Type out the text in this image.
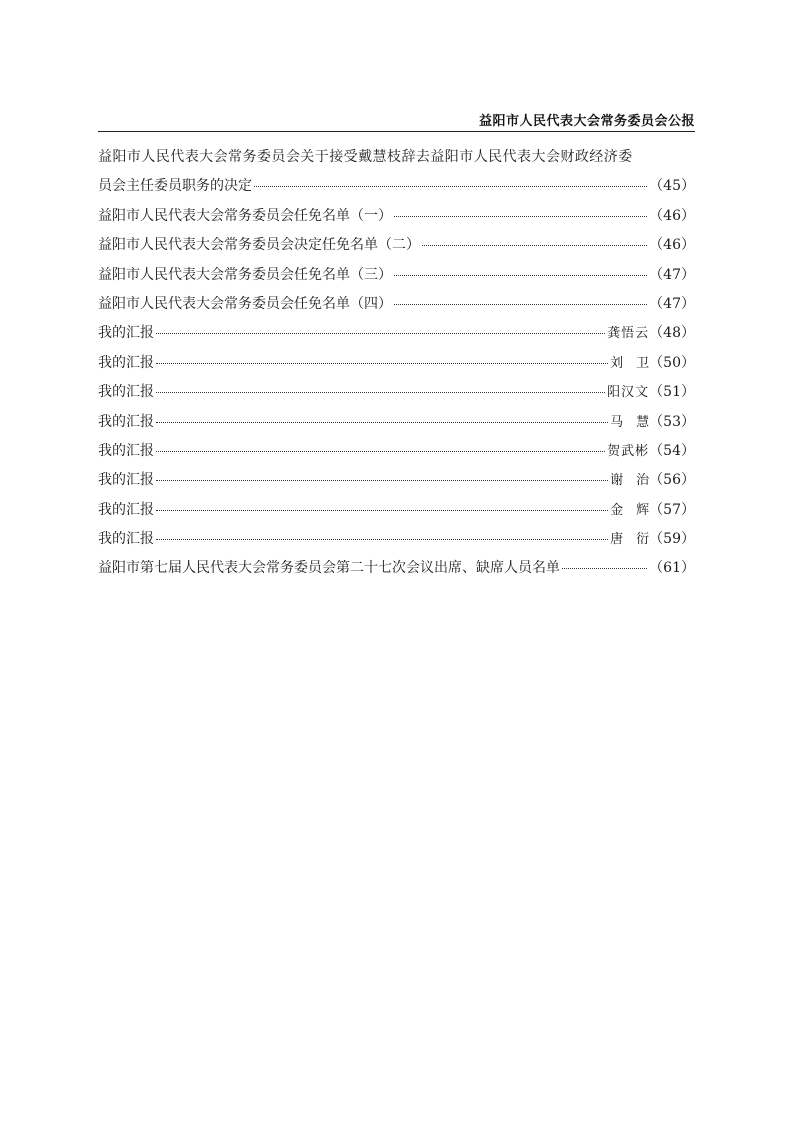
益阳市人民代表大会常务委员会公报
益阳市人民代表大会常务委员会关于接受戴慧枝辞去益阳市人民代表大会财政经济委
员会主任委员职务的决定	（45）
益阳市人民代表大会常务委员会任免名单（一）	（46）
益阳市人民代表大会常务委员会决定任免名单（二）	（46）
益阳市人民代表大会常务委员会任免名单（三）	（47）
益阳市人民代表大会常务委员会任免名单（四）	（47）
我的汇报	龚悟云 （48）
我的汇报	刘　卫 （50）
我的汇报	阳汉文 （51）
我的汇报	马　慧 （53）
我的汇报	贺武彬 （54）
我的汇报	谢　治 （56）
我的汇报	金　辉 （57）
我的汇报	唐　衍 （59）
益阳市第七届人民代表大会常务委员会第二十七次会议出席、缺席人员名单	（61）
